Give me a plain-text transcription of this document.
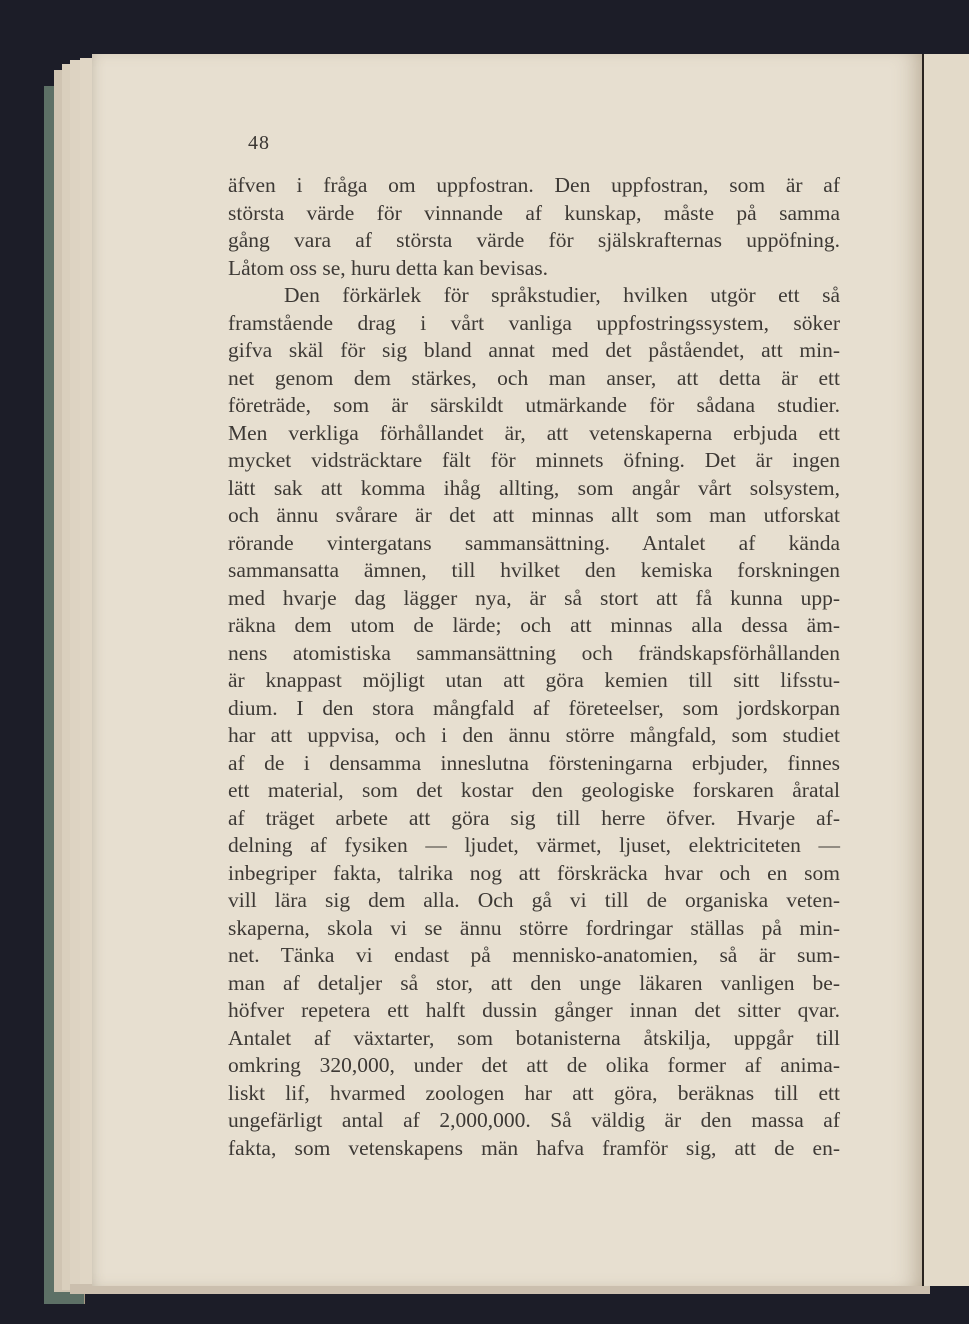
48
äfven i fråga om uppfostran. Den uppfostran, som är af
största värde för vinnande af kunskap, måste på samma
gång vara af största värde för själskrafternas uppöfning.
Låtom oss se, huru detta kan bevisas.
Den förkärlek för språkstudier, hvilken utgör ett så
framstående drag i vårt vanliga uppfostringssystem, söker
gifva skäl för sig bland annat med det påståendet, att min-
net genom dem stärkes, och man anser, att detta är ett
företräde, som är särskildt utmärkande för sådana studier.
Men verkliga förhållandet är, att vetenskaperna erbjuda ett
mycket vidsträcktare fält för minnets öfning. Det är ingen
lätt sak att komma ihåg allting, som angår vårt solsystem,
och ännu svårare är det att minnas allt som man utforskat
rörande vintergatans sammansättning. Antalet af kända
sammansatta ämnen, till hvilket den kemiska forskningen
med hvarje dag lägger nya, är så stort att få kunna upp-
räkna dem utom de lärde; och att minnas alla dessa äm-
nens atomistiska sammansättning och frändskapsförhållanden
är knappast möjligt utan att göra kemien till sitt lifsstu-
dium. I den stora mångfald af företeelser, som jordskorpan
har att uppvisa, och i den ännu större mångfald, som studiet
af de i densamma inneslutna försteningarna erbjuder, finnes
ett material, som det kostar den geologiske forskaren åratal
af träget arbete att göra sig till herre öfver. Hvarje af-
delning af fysiken — ljudet, värmet, ljuset, elektriciteten —
inbegriper fakta, talrika nog att förskräcka hvar och en som
vill lära sig dem alla. Och gå vi till de organiska veten-
skaperna, skola vi se ännu större fordringar ställas på min-
net. Tänka vi endast på mennisko-anatomien, så är sum-
man af detaljer så stor, att den unge läkaren vanligen be-
höfver repetera ett halft dussin gånger innan det sitter qvar.
Antalet af växtarter, som botanisterna åtskilja, uppgår till
omkring 320,000, under det att de olika former af anima-
liskt lif, hvarmed zoologen har att göra, beräknas till ett
ungefärligt antal af 2,000,000. Så väldig är den massa af
fakta, som vetenskapens män hafva framför sig, att de en-
